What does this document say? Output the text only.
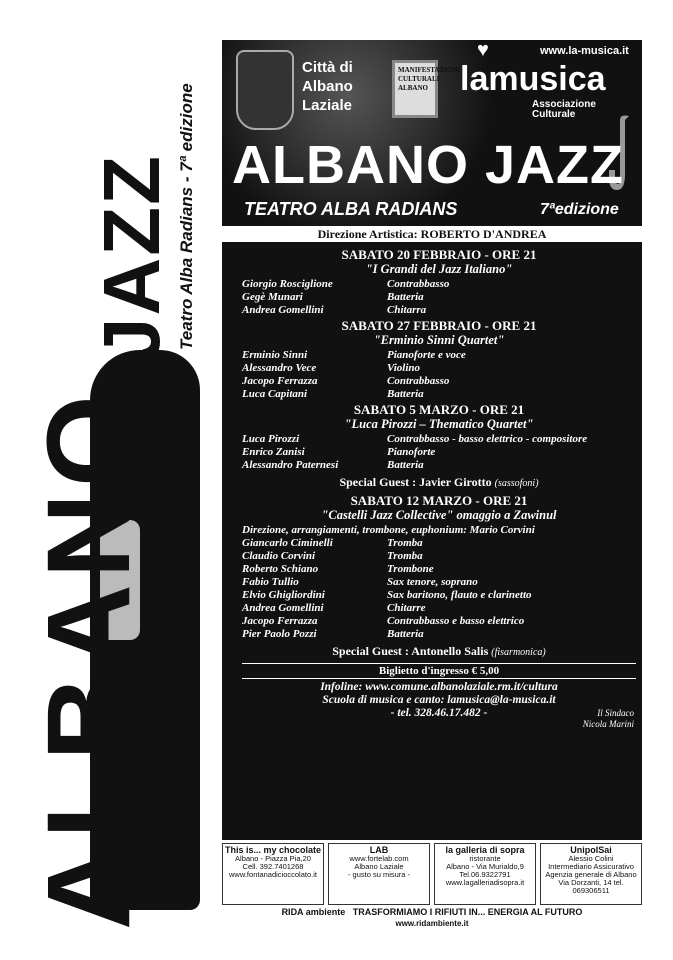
ALBANO
JAZZ Teatro Alba Radians - 7ª edizione
Città di
Albano
Laziale
MANIFESTAZIONI CULTURALI ALBANO
♥	www.la-musica.it
lamusica
Associazione Culturale
ALBANO JAZZ
TEATRO ALBA RADIANS	7ªedizione
Direzione Artistica: ROBERTO D'ANDREA
SABATO 20 FEBBRAIO - ORE 21
"I Grandi del Jazz Italiano"
Giorgio Rosciglione	Contrabbasso
Gegè Munari	Batteria
Andrea Gomellini	Chitarra
SABATO 27 FEBBRAIO - ORE 21
"Erminio Sinni Quartet"
Erminio Sinni	Pianoforte e voce
Alessandro Vece	Violino
Jacopo Ferrazza	Contrabbasso
Luca Capitani	Batteria
SABATO 5 MARZO - ORE 21
"Luca Pirozzi – Thematico Quartet"
Luca Pirozzi	Contrabbasso - basso elettrico - compositore
Enrico Zanisi	Pianoforte
Alessandro Paternesi	Batteria
Special Guest : Javier Girotto (sassofoni)
SABATO 12 MARZO - ORE 21
"Castelli Jazz Collective" omaggio a Zawinul
Direzione, arrangiamenti, trombone, euphonium: Mario Corvini
Giancarlo Ciminelli	Tromba
Claudio Corvini	Tromba
Roberto Schiano	Trombone
Fabio Tullio	Sax tenore, soprano
Elvio Ghigliordini	Sax baritono, flauto e clarinetto
Andrea Gomellini	Chitarre
Jacopo Ferrazza	Contrabbasso e basso elettrico
Pier Paolo Pozzi	Batteria
Special Guest : Antonello Salis (fisarmonica)
Biglietto d'ingresso € 5,00
Infoline: www.comune.albanolaziale.rm.it/cultura
Scuola di musica e canto: lamusica@la-musica.it
- tel. 328.46.17.482 -	Il Sindaco
Nicola Marini
This is... my chocolate
Albano - Piazza Pia,20
Cell. 392.7401268
www.fontanadicioccolato.it
LAB
www.fortelab.com
Albano Laziale
- gusto su misura -
la galleria di sopra
ristorante
Albano - Via Murialdo,9
Tel.06.9322791
www.lagalleriadisopra.it
UnipolSai
Alessio Colini
Intermediario Assicurativo
Agenzia generale di Albano
Via Dorzanti, 14 tel. 069306511
RIDA ambiente TRASFORMIAMO I RIFIUTI IN... ENERGIA AL FUTURO
www.ridambiente.it
